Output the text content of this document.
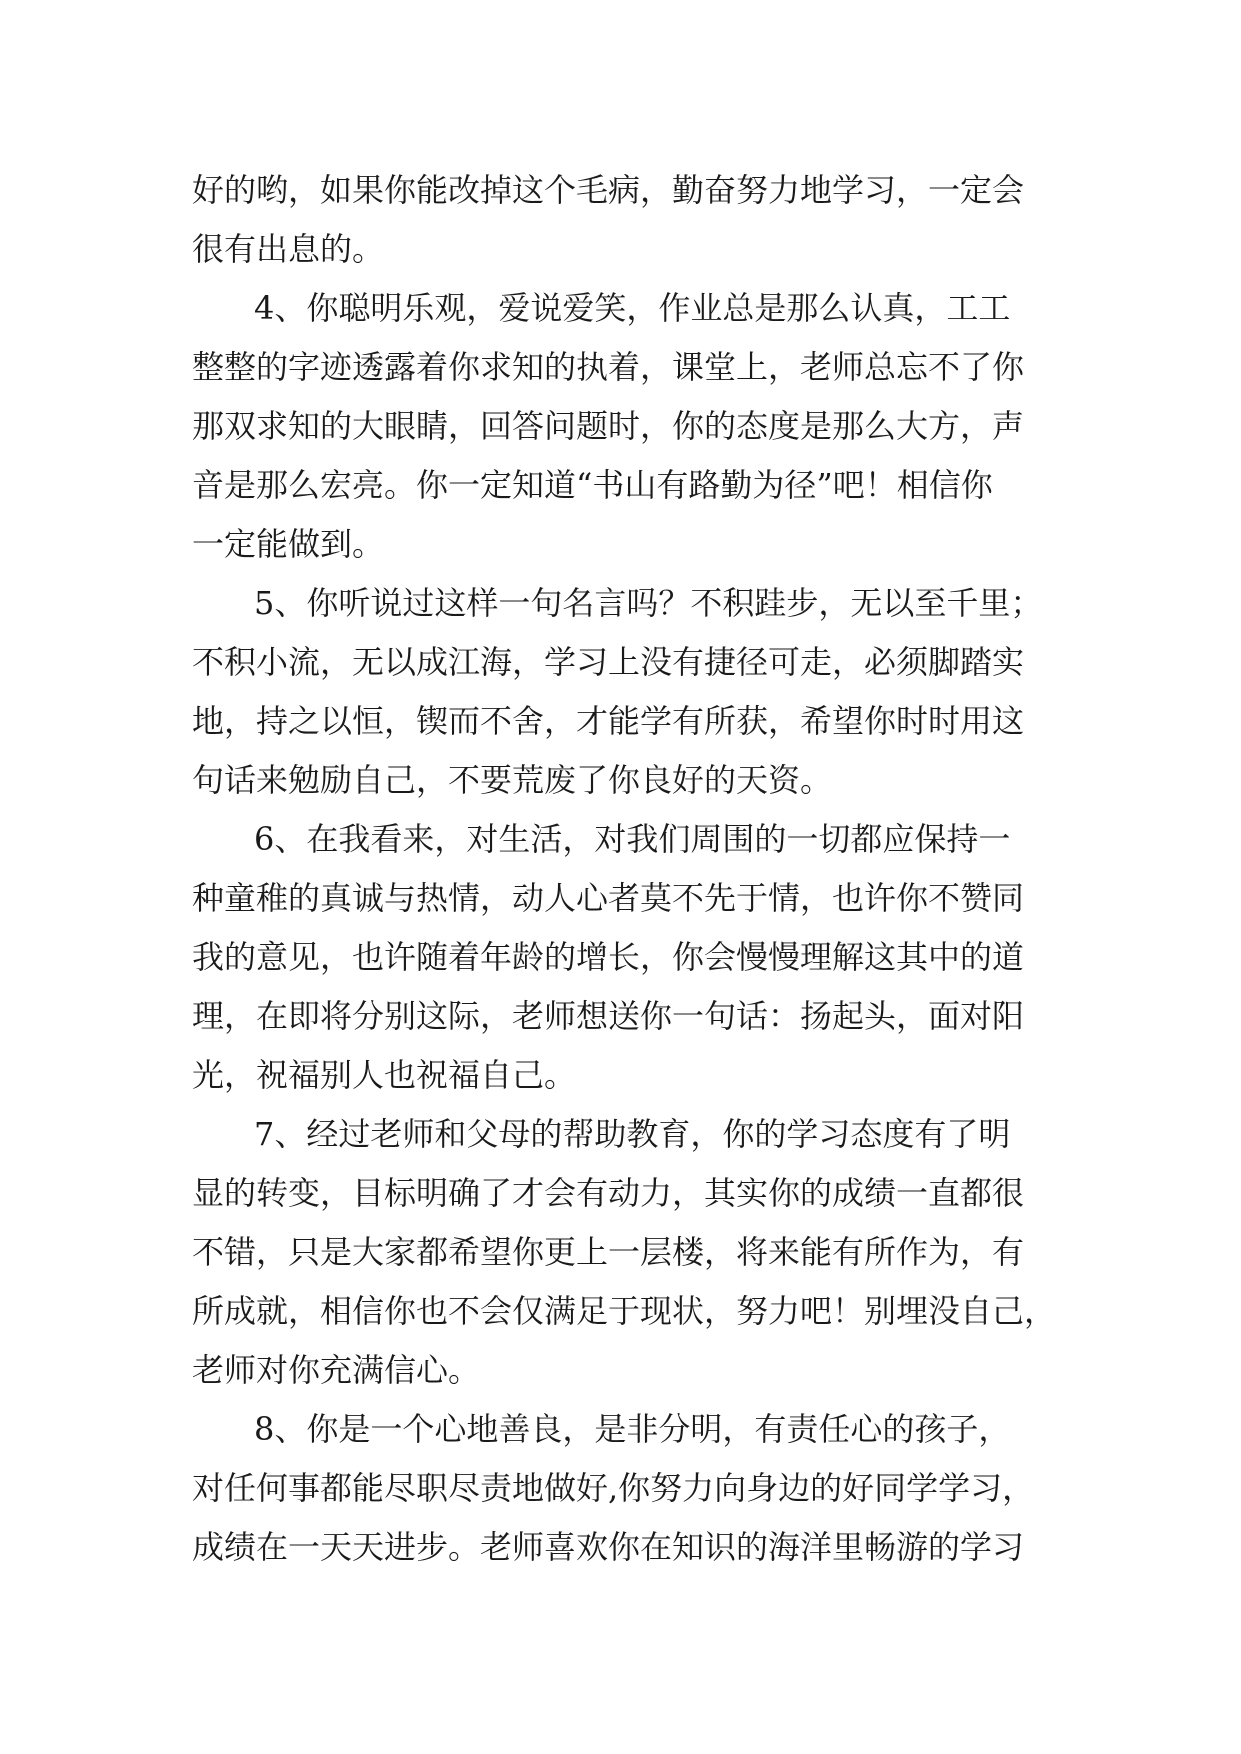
好的哟，如果你能改掉这个毛病，勤奋努力地学习，一定会
很有出息的。
4、你聪明乐观，爱说爱笑，作业总是那么认真，工工
整整的字迹透露着你求知的执着，课堂上，老师总忘不了你
那双求知的大眼睛，回答问题时，你的态度是那么大方，声
音是那么宏亮。你一定知道“书山有路勤为径”吧！相信你
一定能做到。
5、你听说过这样一句名言吗？不积跬步，无以至千里；
不积小流，无以成江海，学习上没有捷径可走，必须脚踏实
地，持之以恒，锲而不舍，才能学有所获，希望你时时用这
句话来勉励自己，不要荒废了你良好的天资。
6、在我看来，对生活，对我们周围的一切都应保持一
种童稚的真诚与热情，动人心者莫不先于情，也许你不赞同
我的意见，也许随着年龄的增长，你会慢慢理解这其中的道
理，在即将分别这际，老师想送你一句话：扬起头，面对阳
光，祝福别人也祝福自己。
7、经过老师和父母的帮助教育，你的学习态度有了明
显的转变，目标明确了才会有动力，其实你的成绩一直都很
不错，只是大家都希望你更上一层楼，将来能有所作为，有
所成就，相信你也不会仅满足于现状，努力吧！别埋没自己，
老师对你充满信心。
8、你是一个心地善良，是非分明，有责任心的孩子，
对任何事都能尽职尽责地做好,你努力向身边的好同学学习，
成绩在一天天进步。老师喜欢你在知识的海洋里畅游的学习
